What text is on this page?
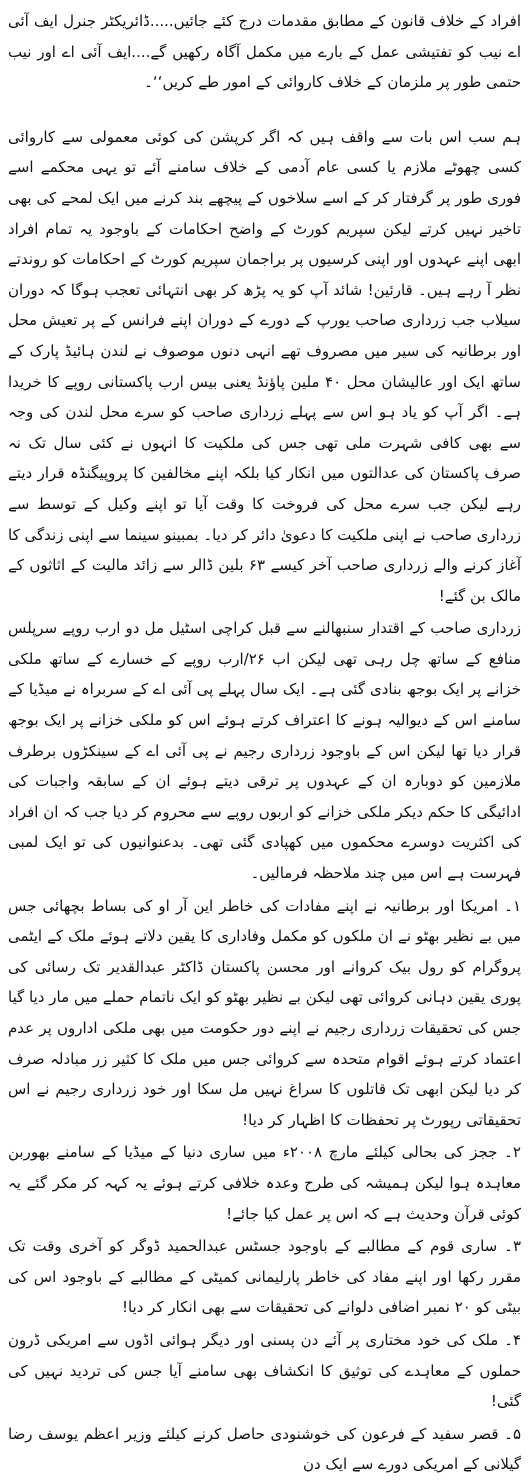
افراد کے خلاف قانون کے مطابق مقدمات درج کئے جائیں.....ڈائریکٹر جنرل ایف آئی اے نیب کو تفتیشی عمل کے بارے میں مکمل آگاہ رکھیں گے....ایف آئی اے اور نیب حتمی طور پر ملزمان کے خلاف کاروائی کے امور طے کریں‘‘۔

ہم سب اس بات سے واقف ہیں کہ اگر کرپشن کی کوئی معمولی سے کاروائی کسی چھوٹے ملازم یا کسی عام آدمی کے خلاف سامنے آئے تو یہی محکمے اسے فوری طور پر گرفتار کر کے اسے سلاخوں کے پیچھے بند کرنے میں ایک لمحے کی بھی تاخیر نہیں کرتے لیکن سپریم کورٹ کے واضح احکامات کے باوجود یہ تمام افراد ابھی اپنے عہدوں اور اپنی کرسیوں پر براجمان سپریم کورٹ کے احکامات کو روندتے نظر آ رہے ہیں۔ قارئین! شائد آپ کو یہ پڑھ کر بھی انتہائی تعجب ہوگا کہ دوران سیلاب جب زرداری صاحب یورپ کے دورے کے دوران اپنے فرانس کے پر تعیش محل اور برطانیہ کی سیر میں مصروف تھے انہی دنوں موصوف نے لندن ہائیڈ پارک کے ساتھ ایک اور عالیشان محل ۴۰ ملین پاؤنڈ یعنی بیس ارب پاکستانی روپے کا خریدا ہے۔ اگر آپ کو یاد ہو اس سے پہلے زرداری صاحب کو سرے محل لندن کی وجہ سے بھی کافی شہرت ملی تھی جس کی ملکیت کا انہوں نے کئی سال تک نہ صرف پاکستان کی عدالتوں میں انکار کیا بلکہ اپنے مخالفین کا پروپیگنڈہ قرار دیتے رہے لیکن جب سرے محل کی فروخت کا وقت آیا تو اپنے وکیل کے توسط سے زرداری صاحب نے اپنی ملکیت کا دعویٰ دائر کر دیا۔ بمبینو سینما سے اپنی زندگی کا آغاز کرنے والے زرداری صاحب آخر کیسے ۶۳ بلین ڈالر سے زائد مالیت کے اثاثوں کے مالک بن گئے!

زرداری صاحب کے اقتدار سنبھالنے سے قبل کراچی اسٹیل مل دو ارب روپے سرپلس منافع کے ساتھ چل رہی تھی لیکن اب ۲۶/ارب روپے کے خسارے کے ساتھ ملکی خزانے پر ایک بوجھ بنادی گئی ہے۔ ایک سال پہلے پی آئی اے کے سربراہ نے میڈیا کے سامنے اس کے دیوالیہ ہونے کا اعتراف کرتے ہوئے اس کو ملکی خزانے پر ایک بوجھ قرار دیا تھا لیکن اس کے باوجود زرداری رجیم نے پی آئی اے کے سینکڑوں برطرف ملازمین کو دوبارہ ان کے عہدوں پر ترقی دیتے ہوئے ان کے سابقہ واجبات کی ادائیگی کا حکم دیکر ملکی خزانے کو اربوں روپے سے محروم کر دیا جب کہ ان افراد کی اکثریت دوسرے محکموں میں کھپادی گئی تھی۔ بدعنوانیوں کی تو ایک لمبی فہرست ہے اس میں چند ملاحظہ فرمالیں۔

۱۔ امریکا اور برطانیہ نے اپنے مفادات کی خاطر این آر او کی بساط بچھائی جس میں بے نظیر بھٹو نے ان ملکوں کو مکمل وفاداری کا یقین دلاتے ہوئے ملک کے ایٹمی پروگرام کو رول بیک کروانے اور محسن پاکستان ڈاکٹر عبدالقدیر تک رسائی کی پوری یقین دہانی کروائی تھی لیکن بے نظیر بھٹو کو ایک ناتمام حملے میں مار دیا گیا جس کی تحقیقات زرداری رجیم نے اپنے دور حکومت میں بھی ملکی اداروں پر عدم اعتماد کرتے ہوئے اقوام متحدہ سے کروائی جس میں ملک کا کثیر زر مبادلہ صرف کر دیا لیکن ابھی تک قاتلوں کا سراغ نہیں مل سکا اور خود زرداری رجیم نے اس تحقیقاتی رپورٹ پر تحفظات کا اظہار کر دیا!

۲۔ ججز کی بحالی کیلئے مارچ ۲۰۰۸ء میں ساری دنیا کے میڈیا کے سامنے بھوربن معاہدہ ہوا لیکن ہمیشہ کی طرح وعدہ خلافی کرتے ہوئے یہ کہہ کر مکر گئے یہ کوئی قرآن وحدیث ہے کہ اس پر عمل کیا جائے!

۳۔ ساری قوم کے مطالبے کے باوجود جسٹس عبدالحمید ڈوگر کو آخری وقت تک مقرر رکھا اور اپنے مفاد کی خاطر پارلیمانی کمیٹی کے مطالبے کے باوجود اس کی بیٹی کو ۲۰ نمبر اضافی دلوانے کی تحقیقات سے بھی انکار کر دیا!

۴۔ ملک کی خود مختاری پر آئے دن پسنی اور دیگر ہوائی اڈوں سے امریکی ڈرون حملوں کے معاہدے کی توثیق کا انکشاف بھی سامنے آیا جس کی تردید نہیں کی گئی!

۵۔ قصر سفید کے فرعون کی خوشنودی حاصل کرنے کیلئے وزیر اعظم یوسف رضا گیلانی کے امریکی دورے سے ایک دن
